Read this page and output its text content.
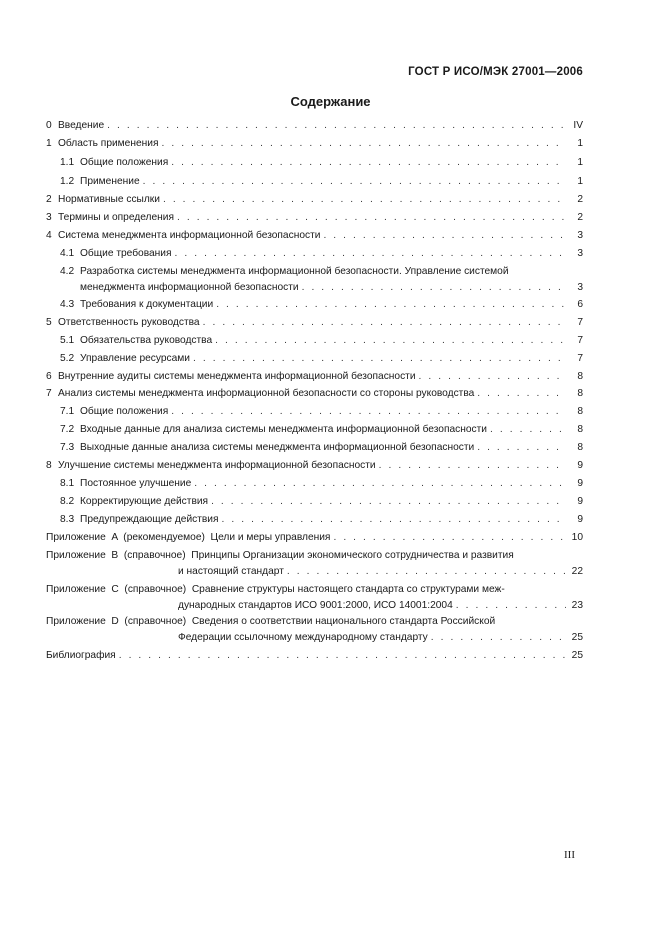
ГОСТ Р ИСО/МЭК 27001—2006
Содержание
0 Введение . . .	IV
1 Область применения . . .	1
1.1 Общие положения . . .	1
1.2 Применение . . .	1
2 Нормативные ссылки . . .	2
3 Термины и определения . . .	2
4 Система менеджмента информационной безопасности . . .	3
4.1 Общие требования . . .	3
4.2 Разработка системы менеджмента информационной безопасности. Управление системой
менеджмента информационной безопасности . . .	3
4.3 Требования к документации . . .	6
5 Ответственность руководства . . .	7
5.1 Обязательства руководства . . .	7
5.2 Управление ресурсами . . .	7
6 Внутренние аудиты системы менеджмента информационной безопасности . . .	8
7 Анализ системы менеджмента информационной безопасности со стороны руководства . . .	8
7.1 Общие положения . . .	8
7.2 Входные данные для анализа системы менеджмента информационной безопасности . . .	8
7.3 Выходные данные анализа системы менеджмента информационной безопасности . . .	8
8 Улучшение системы менеджмента информационной безопасности . . .	9
8.1 Постоянное улучшение . . .	9
8.2 Корректирующие действия . . .	9
8.3 Предупреждающие действия . . .	9
Приложение  A  (рекомендуемое)  Цели и меры управления . . .	10
Приложение  B  (справочное)  Принципы Организации экономического сотрудничества и развития
и настоящий стандарт . . .	22
Приложение  C  (справочное)  Сравнение структуры настоящего стандарта со структурами меж-
дународных стандартов ИСО 9001:2000, ИСО 14001:2004 . . .	23
Приложение  D  (справочное)  Сведения о соответствии национального стандарта Российской
Федерации ссылочному международному стандарту . . .	25
Библиография . . .	25
III
